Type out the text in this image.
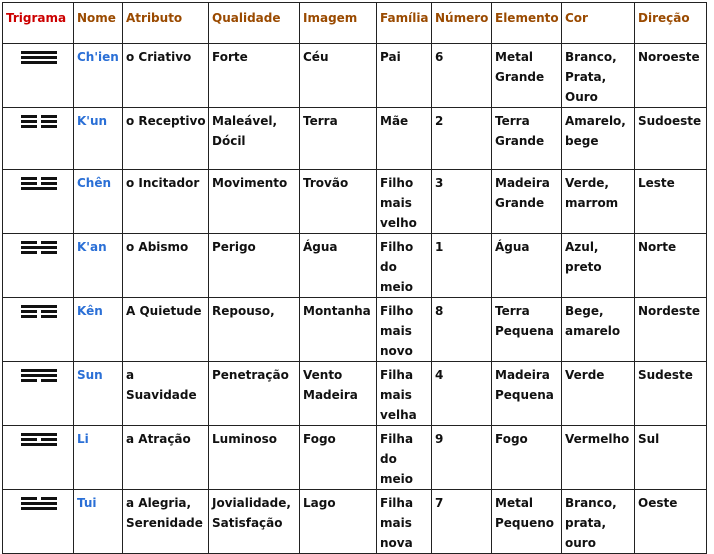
Trigrama	Nome	Atributo	Qualidade	Imagem	Família	Número	Elemento	Cor	Direção

	Ch'ien	o Criativo	Forte	Céu	Pai	6	Metal Grande	Branco, Prata, Ouro	Noroeste

	K'un	o Receptivo	Maleável, Dócil	Terra	Mãe	2	Terra Grande	Amarelo, bege	Sudoeste

	Chên	o Incitador	Movimento	Trovão	Filho mais velho	3	Madeira Grande	Verde, marrom	Leste

	K'an	o Abismo	Perigo	Água	Filho do meio	1	Água	Azul, preto	Norte

	Kên	A Quietude	Repouso,	Montanha	Filho mais novo	8	Terra Pequena	Bege, amarelo	Nordeste

	Sun	a Suavidade	Penetração	Vento Madeira	Filha mais velha	4	Madeira Pequena	Verde	Sudeste

	Li	a Atração	Luminoso	Fogo	Filha do meio	9	Fogo	Vermelho	Sul

	Tui	a Alegria, Serenidade	Jovialidade, Satisfação	Lago	Filha mais nova	7	Metal Pequeno	Branco, prata, ouro	Oeste
